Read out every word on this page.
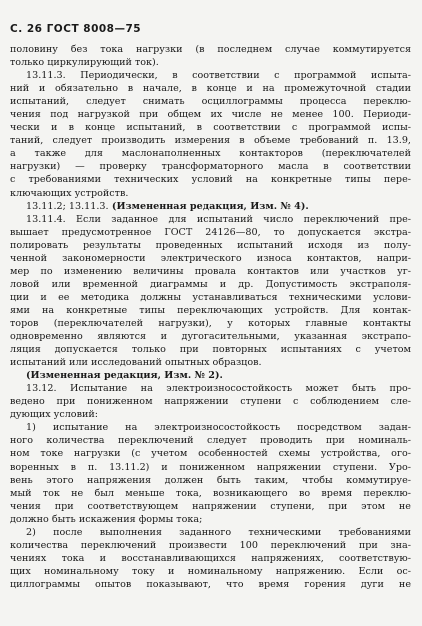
С. 26 ГОСТ 8008—75
половину без тока нагрузки (в последнем случае коммутируется
только циркулирующий ток).
13.11.3. Периодически, в соответствии с программой испыта-
ний и обязательно в начале, в конце и на промежуточной стадии
испытаний, следует снимать осциллограммы процесса переклю-
чения под нагрузкой при общем их числе не менее 100. Периоди-
чески и в конце испытаний, в соответствии с программой испы-
таний, следует производить измерения в объеме требований п. 13.9,
а также для маслонаполненных контакторов (переключателей
нагрузки) — проверку трансформаторного масла в соответствии
с требованиями технических условий на конкретные типы пере-
ключающих устройств.
13.11.2; 13.11.3. (Измененная редакция, Изм. № 4).
13.11.4. Если заданное для испытаний число переключений пре-
вышает предусмотренное ГОСТ 24126—80, то допускается экстра-
полировать результаты проведенных испытаний исходя из полу-
ченной закономерности электрического износа контактов, напри-
мер по изменению величины провала контактов или участков уг-
ловой или временной диаграммы и др. Допустимость экстраполя-
ции и ее методика должны устанавливаться техническими услови-
ями на конкретные типы переключающих устройств. Для контак-
торов (переключателей нагрузки), у которых главные контакты
одновременно являются и дугогасительными, указанная экстрапо-
ляция допускается только при повторных испытаниях с учетом
испытаний или исследований опытных образцов.
(Измененная редакция, Изм. № 2).
13.12. Испытание на электроизносостойкость может быть про-
ведено при пониженном напряжении ступени с соблюдением сле-
дующих условий:
1) испытание на электроизносостойкость посредством задан-
ного количества переключений следует проводить при номиналь-
ном токе нагрузки (с учетом особенностей схемы устройства, ого-
воренных в п. 13.11.2) и пониженном напряжении ступени. Уро-
вень этого напряжения должен быть таким, чтобы коммутируе-
мый ток не был меньше тока, возникающего во время переклю-
чения при соответствующем напряжении ступени, при этом не
должно быть искажения формы тока;
2) после выполнения заданного техническими требованиями
количества переключений произвести 100 переключений при зна-
чениях тока и восстанавливающихся напряжениях, соответствую-
щих номинальному току и номинальному напряжению. Если ос-
циллограммы опытов показывают, что время горения дуги не
